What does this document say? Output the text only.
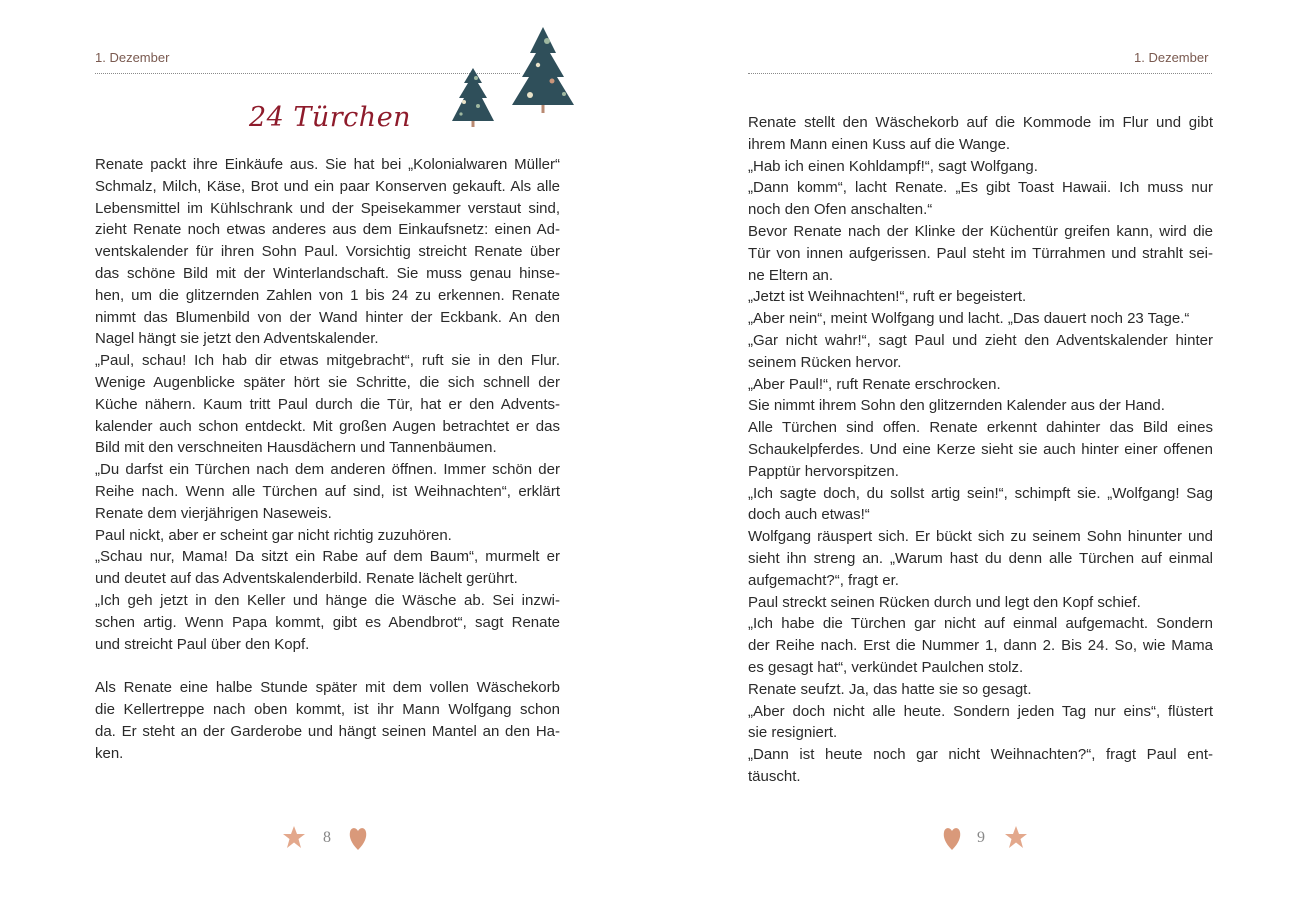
1. Dezember
24 Türchen
Renate packt ihre Einkäufe aus. Sie hat bei „Kolonialwaren Müller“
Schmalz, Milch, Käse, Brot und ein paar Konserven gekauft. Als alle
Lebensmittel im Kühlschrank und der Speisekammer verstaut sind,
zieht Renate noch etwas anderes aus dem Einkaufsnetz: einen Ad-
ventskalender für ihren Sohn Paul. Vorsichtig streicht Renate über
das schöne Bild mit der Winterlandschaft. Sie muss genau hinse-
hen, um die glitzernden Zahlen von 1 bis 24 zu erkennen. Renate
nimmt das Blumenbild von der Wand hinter der Eckbank. An den
Nagel hängt sie jetzt den Adventskalender.
„Paul, schau! Ich hab dir etwas mitgebracht“, ruft sie in den Flur.
Wenige Augenblicke später hört sie Schritte, die sich schnell der
Küche nähern. Kaum tritt Paul durch die Tür, hat er den Advents-
kalender auch schon entdeckt. Mit großen Augen betrachtet er das
Bild mit den verschneiten Hausdächern und Tannenbäumen.
„Du darfst ein Türchen nach dem anderen öffnen. Immer schön der
Reihe nach. Wenn alle Türchen auf sind, ist Weihnachten“, erklärt
Renate dem vierjährigen Naseweis.
Paul nickt, aber er scheint gar nicht richtig zuzuhören.
„Schau nur, Mama! Da sitzt ein Rabe auf dem Baum“, murmelt er
und deutet auf das Adventskalenderbild. Renate lächelt gerührt.
„Ich geh jetzt in den Keller und hänge die Wäsche ab. Sei inzwi-
schen artig. Wenn Papa kommt, gibt es Abendbrot“, sagt Renate
und streicht Paul über den Kopf.
Als Renate eine halbe Stunde später mit dem vollen Wäschekorb
die Kellertreppe nach oben kommt, ist ihr Mann Wolfgang schon
da. Er steht an der Garderobe und hängt seinen Mantel an den Ha-
ken.
8
1. Dezember
Renate stellt den Wäschekorb auf die Kommode im Flur und gibt
ihrem Mann einen Kuss auf die Wange.
„Hab ich einen Kohldampf!“, sagt Wolfgang.
„Dann komm“, lacht Renate. „Es gibt Toast Hawaii. Ich muss nur
noch den Ofen anschalten.“
Bevor Renate nach der Klinke der Küchentür greifen kann, wird die
Tür von innen aufgerissen. Paul steht im Türrahmen und strahlt sei-
ne Eltern an.
„Jetzt ist Weihnachten!“, ruft er begeistert.
„Aber nein“, meint Wolfgang und lacht. „Das dauert noch 23 Tage.“
„Gar nicht wahr!“, sagt Paul und zieht den Adventskalender hinter
seinem Rücken hervor.
„Aber Paul!“, ruft Renate erschrocken.
Sie nimmt ihrem Sohn den glitzernden Kalender aus der Hand.
Alle Türchen sind offen. Renate erkennt dahinter das Bild eines
Schaukelpferdes. Und eine Kerze sieht sie auch hinter einer offenen
Papptür hervorspitzen.
„Ich sagte doch, du sollst artig sein!“, schimpft sie. „Wolfgang! Sag
doch auch etwas!“
Wolfgang räuspert sich. Er bückt sich zu seinem Sohn hinunter und
sieht ihn streng an. „Warum hast du denn alle Türchen auf einmal
aufgemacht?“, fragt er.
Paul streckt seinen Rücken durch und legt den Kopf schief.
„Ich habe die Türchen gar nicht auf einmal aufgemacht. Sondern
der Reihe nach. Erst die Nummer 1, dann 2. Bis 24. So, wie Mama
es gesagt hat“, verkündet Paulchen stolz.
Renate seufzt. Ja, das hatte sie so gesagt.
„Aber doch nicht alle heute. Sondern jeden Tag nur eins“, flüstert
sie resigniert.
„Dann ist heute noch gar nicht Weihnachten?“, fragt Paul ent-
täuscht.
9
